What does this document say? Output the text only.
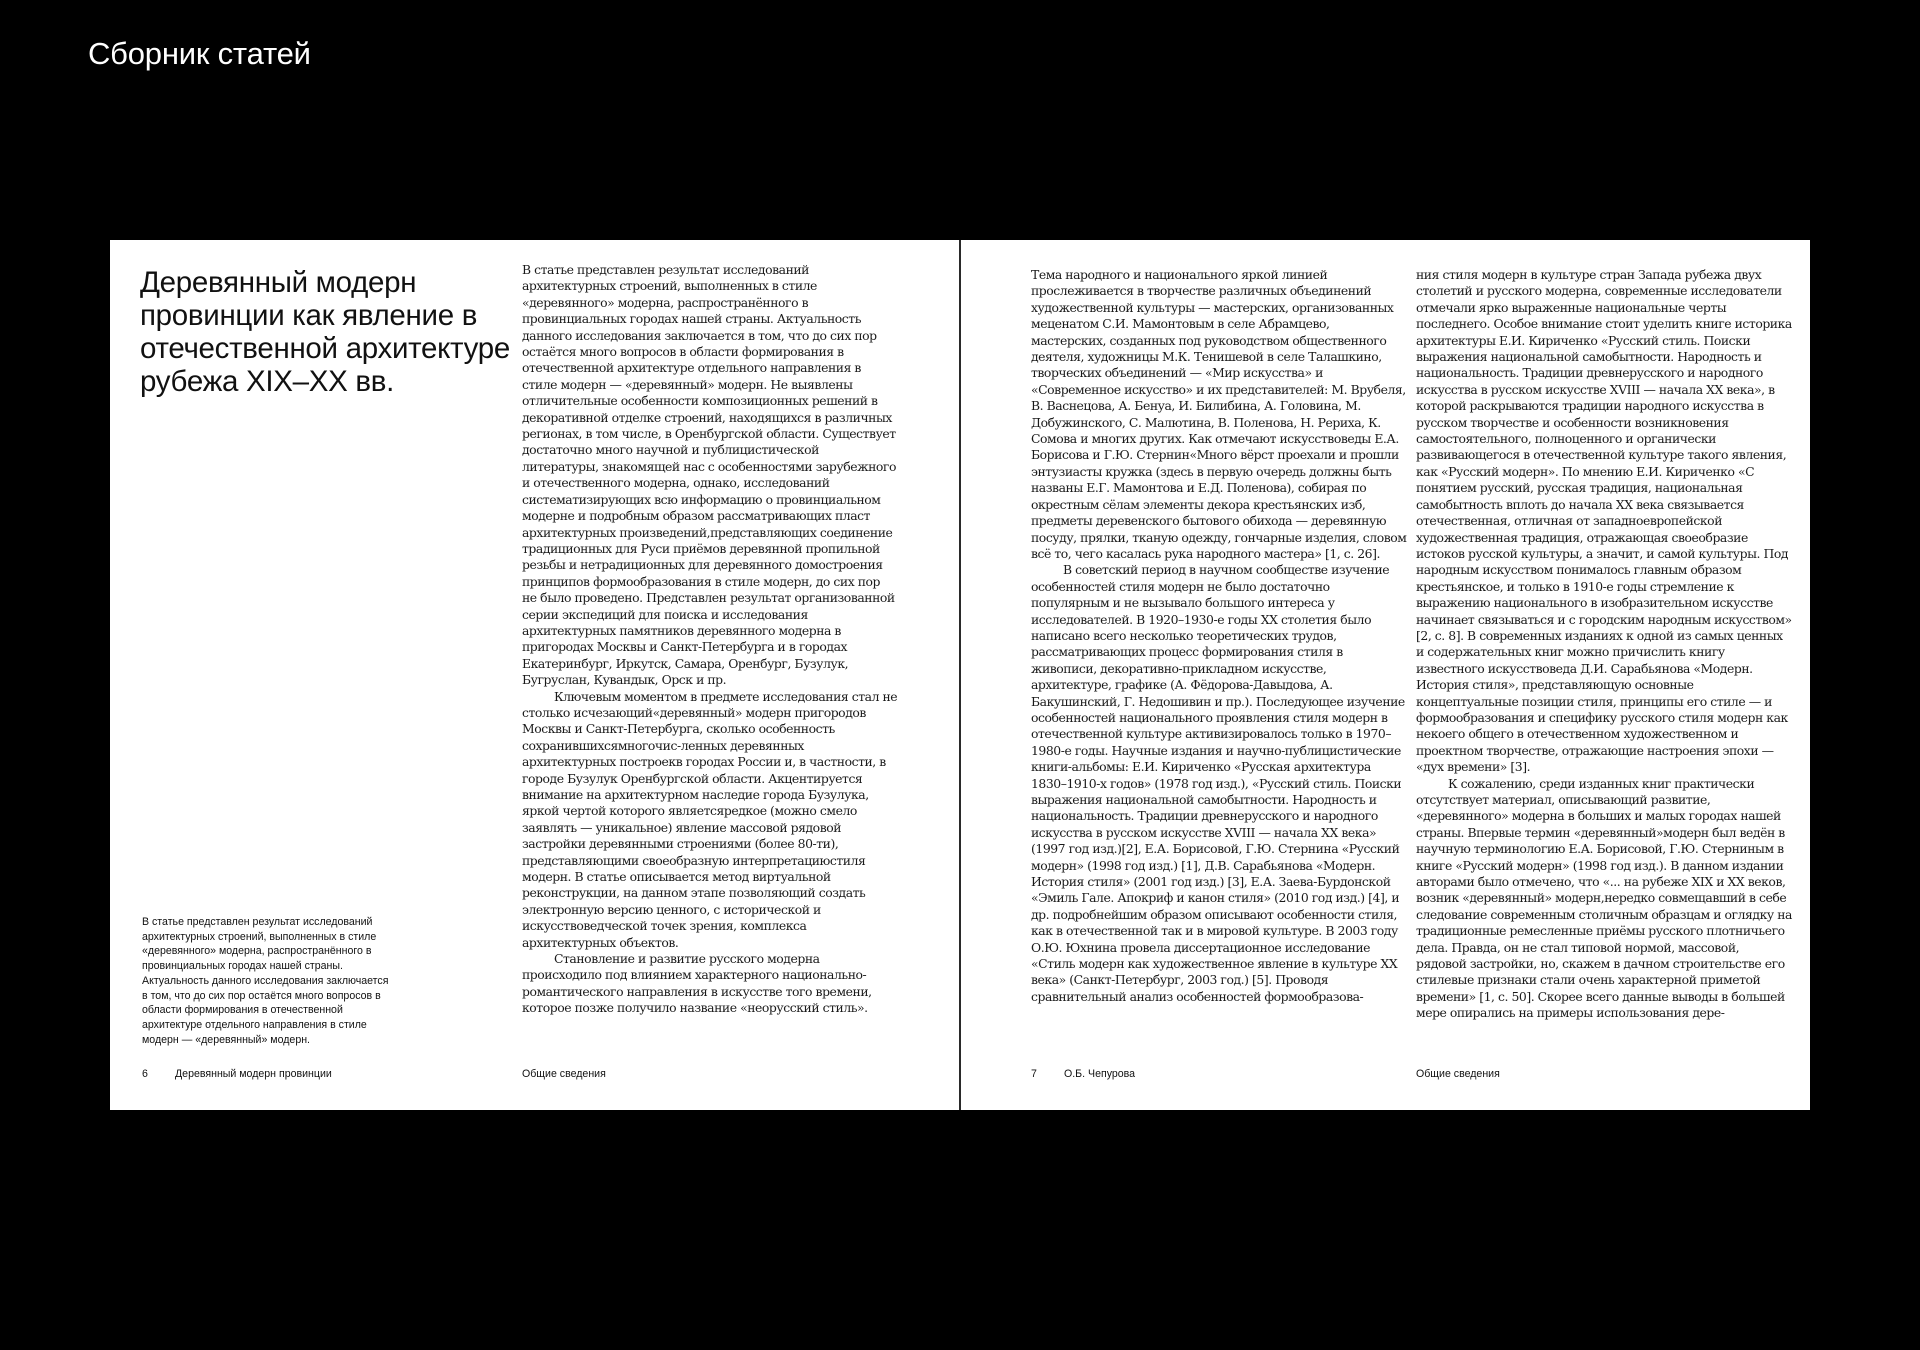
Сборник статей
Деревянный модерн провинции как явление в отечественной архитектуре рубежа XIX–XX вв.

В статье представлен результат исследований архитектурных строений, выполненных в стиле «деревянного» модерна, распространённого в провинциальных городах нашей страны. Актуальность данного исследования заключается в том, что до сих пор остаётся много вопросов в области формирования в отечественной архитектуре отдельного направления в стиле модерн — «деревянный» модерн. Не выявлены отличительные особенности композиционных решений в декоративной отделке строений, находящихся в различных регионах, в том числе, в Оренбургской области. Существует достаточно много научной и публицистической литературы, знакомящей нас с особенностями зарубежного и отечественного модерна, однако, исследований систематизирующих всю информацию о провинциальном модерне и подробным образом рассматривающих пласт архитектурных произведений,представляющих соединение традиционных для Руси приёмов деревянной пропильной резьбы и нетрадиционных для деревянного домостроения принципов формообразования в стиле модерн, до сих пор не было проведено. Представлен результат организованной серии экспедиций для поиска и исследования архитектурных памятников деревянного модерна в пригородах Москвы и Санкт-Петербурга и в городах Екатеринбург, Иркутск, Самара, Оренбург, Бузулук, Бугруслан, Кувандык, Орск и пр.

Ключевым моментом в предмете исследования стал не столько исчезающий«деревянный» модерн пригородов Москвы и Санкт-Петербурга, сколько особенность сохранившихсямногочис-ленных деревянных архитектурных построекв городах России и, в частности, в городе Бузулук Оренбургской области. Акцентируется внимание на архитектурном наследие города Бузулука, яркой чертой которого являетсяредкое (можно смело заявлять — уникальное) явление массовой рядовой застройки деревянными строениями (более 80-ти), представляющими своеобразную интерпретациюстиля модерн. В статье описывается метод виртуальной реконструкции, на данном этапе позволяющий создать электронную версию ценного, с исторической и искусствоведческой точек зрения, комплекса архитектурных объектов.

Становление и развитие русского модерна происходило под влиянием характерного национально-романтического направления в искусстве того времени, которое позже получило название «неорусский стиль».

В статье представлен результат исследований архитектурных строений, выполненных в стиле «деревянного» модерна, распространённого в провинциальных городах нашей страны. Актуальность данного исследования заключается в том, что до сих пор остаётся много вопросов в области формирования в отечественной архитектуре отдельного направления в стиле модерн — «деревянный» модерн.

6	Деревянный модерн провинции	Общие сведения

Тема народного и национального яркой линией прослеживается в творчестве различных объединений художественной культуры — мастерских, организованных меценатом С.И. Мамонтовым в селе Абрамцево, мастерских, созданных под руководством общественного деятеля, художницы М.К. Тенишевой в селе Талашкино, творческих объединений — «Мир искусства» и «Современное искусство» и их представителей: М. Врубеля, В. Васнецова, А. Бенуа, И. Билибина, А. Головина, М. Добужинского, С. Малютина, В. Поленова, Н. Рериха, К. Сомова и многих других. Как отмечают искусствоведы Е.А. Борисова и Г.Ю. Стернин«Много вёрст проехали и прошли энтузиасты кружка (здесь в первую очередь должны быть названы Е.Г. Мамонтова и Е.Д. Поленова), собирая по окрестным сёлам элементы декора крестьянских изб, предметы деревенского бытового обихода — деревянную посуду, прялки, тканую одежду, гончарные изделия, словом всё то, чего касалась рука народного мастера» [1, с. 26].

В советский период в научном сообществе изучение особенностей стиля модерн не было достаточно популярным и не вызывало большого интереса у исследователей. В 1920–1930-е годы XX столетия было написано всего несколько теоретических трудов, рассматривающих процесс формирования стиля в живописи, декоративно-прикладном искусстве, архитектуре, графике (А. Фёдорова-Давыдова, А. Бакушинский, Г. Недошивин и пр.). Последующее изучение особенностей национального проявления стиля модерн в отечественной культуре активизировалось только в 1970–1980-е годы. Научные издания и научно-публицистические книги-альбомы: Е.И. Кириченко «Русская архитектура 1830–1910-х годов» (1978 год изд.), «Русский стиль. Поиски выражения национальной самобытности. Народность и национальность. Традиции древнерусского и народного искусства в русском искусстве XVIII — начала XX века» (1997 год изд.)[2], Е.А. Борисовой, Г.Ю. Стернина «Русский модерн» (1998 год изд.) [1], Д.В. Сарабьянова «Модерн. История стиля» (2001 год изд.) [3], Е.А. Заева-Бурдонской «Эмиль Гале. Апокриф и канон стиля» (2010 год изд.) [4], и др. подробнейшим образом описывают особенности стиля, как в отечественной так и в мировой культуре. В 2003 году О.Ю. Юхнина провела диссертационное исследование «Стиль модерн как художественное явление в культуре XX века» (Санкт-Петербург, 2003 год.) [5]. Проводя сравнительный анализ особенностей формообразова-

ния стиля модерн в культуре стран Запада рубежа двух столетий и русского модерна, современные исследователи отмечали ярко выраженные национальные черты последнего. Особое внимание стоит уделить книге историка архитектуры Е.И. Кириченко «Русский стиль. Поиски выражения национальной самобытности. Народность и национальность. Традиции древнерусского и народного искусства в русском искусстве XVIII — начала XX века», в которой раскрываются традиции народного искусства в русском творчестве и особенности возникновения самостоятельного, полноценного и органически развивающегося в отечественной культуре такого явления, как «Русский модерн». По мнению Е.И. Кириченко «С понятием русский, русская традиция, национальная самобытность вплоть до начала XX века связывается отечественная, отличная от западноевропейской художественная традиция, отражающая своеобразие истоков русской культуры, а значит, и самой культуры. Под народным искусством понималось главным образом крестьянское, и только в 1910-е годы стремление к выражению национального в изобразительном искусстве начинает связываться и с городским народным искусством» [2, с. 8]. В современных изданиях к одной из самых ценных и содержательных книг можно причислить книгу известного искусствоведа Д.И. Сарабьянова «Модерн. История стиля», представляющую основные концептуальные позиции стиля, принципы его стиле — и формообразования и специфику русского стиля модерн как некоего общего в отечественном художественном и проектном творчестве, отражающие настроения эпохи — «дух времени» [3].

К сожалению, среди изданных книг практически отсутствует материал, описывающий развитие, «деревянного» модерна в больших и малых городах нашей страны. Впервые термин «деревянный»модерн был ведён в научную терминологию Е.А. Борисовой, Г.Ю. Стерниным в книге «Русский модерн» (1998 год изд.). В данном издании авторами было отмечено, что «... на рубеже XIX и XX веков, возник «деревянный» модерн,нередко совмещавший в себе следование современным столичным образцам и оглядку на традиционные ремесленные приёмы русского плотничьего дела. Правда, он не стал типовой нормой, массовой, рядовой застройки, но, скажем в дачном строительстве его стилевые признаки стали очень характерной приметой времени» [1, с. 50]. Скорее всего данные выводы в большей мере опирались на примеры использования дере-

7	О.Б. Чепурова	Общие сведения
